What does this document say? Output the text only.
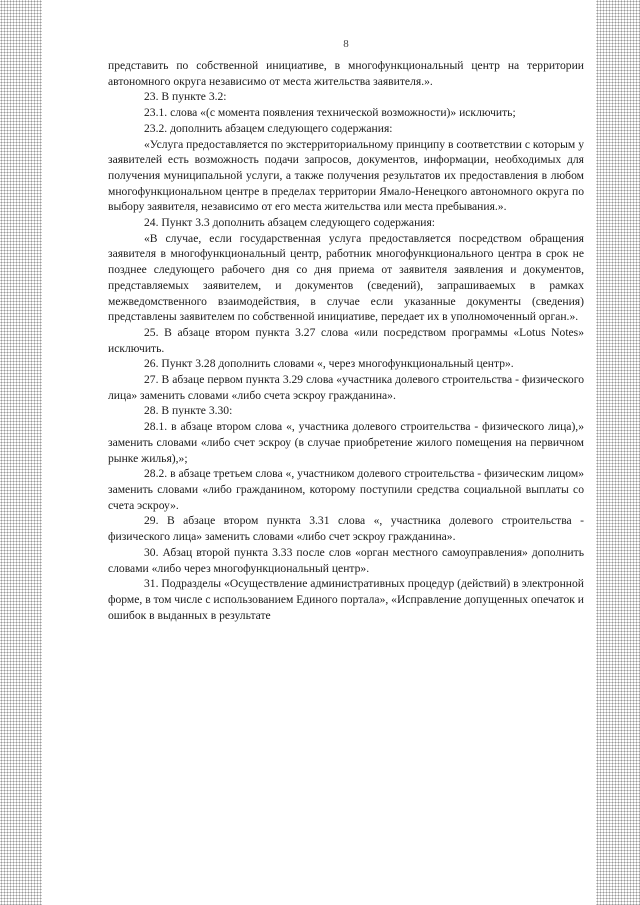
8

представить по собственной инициативе, в многофункциональный центр на территории автономного округа независимо от места жительства заявителя.».

23. В пункте 3.2:

23.1. слова «(с момента появления технической возможности)» исключить;

23.2. дополнить абзацем следующего содержания:

«Услуга предоставляется по экстерриториальному принципу в соответствии с которым у заявителей есть возможность подачи запросов, документов, информации, необходимых для получения муниципальной услуги, а также получения результатов их предоставления в любом многофункциональном центре в пределах территории Ямало-Ненецкого автономного округа по выбору заявителя, независимо от его места жительства или места пребывания.».

24. Пункт 3.3 дополнить абзацем следующего содержания:

«В случае, если государственная услуга предоставляется посредством обращения заявителя в многофункциональный центр, работник многофункционального центра в срок не позднее следующего рабочего дня со дня приема от заявителя заявления и документов, представляемых заявителем, и документов (сведений), запрашиваемых в рамках межведомственного взаимодействия, в случае если указанные документы (сведения) представлены заявителем по собственной инициативе, передает их в уполномоченный орган.».

25. В абзаце втором пункта 3.27 слова «или посредством программы «Lotus Notes» исключить.

26. Пункт 3.28 дополнить словами «, через многофункциональный центр».

27. В абзаце первом пункта 3.29 слова «участника долевого строительства - физического лица» заменить словами «либо счета эскроу гражданина».

28. В пункте 3.30:

28.1. в абзаце втором слова «, участника долевого строительства - физического лица),» заменить словами «либо счет эскроу (в случае приобретение жилого помещения на первичном рынке жилья),»;

28.2. в абзаце третьем слова «, участником долевого строительства - физическим лицом» заменить словами «либо гражданином, которому поступили средства социальной выплаты со счета эскроу».

29. В абзаце втором пункта 3.31 слова «, участника долевого строительства - физического лица» заменить словами «либо счет эскроу гражданина».

30. Абзац второй пункта 3.33 после слов «орган местного самоуправления» дополнить словами «либо через многофункциональный центр».

31. Подразделы «Осуществление административных процедур (действий) в электронной форме, в том числе с использованием Единого портала», «Исправление допущенных опечаток и ошибок в выданных в результате
